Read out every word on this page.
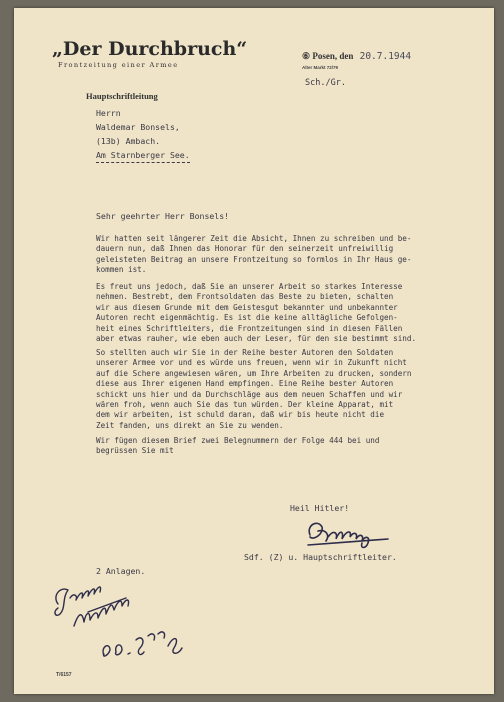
„Der Durchbruch“
Frontzeitung einer Armee
Hauptschriftleitung
⑥ Posen, den 20.7.1944
Alter Markt 72/79
Sch./Gr.
Herrn
Waldemar Bonsels,
(13b) Ambach.
Am Starnberger See.
Sehr geehrter Herr Bonsels!
Wir hatten seit längerer Zeit die Absicht, Ihnen zu schreiben und be-
dauern nun, daß Ihnen das Honorar für den seinerzeit unfreiwillig
geleisteten Beitrag an unsere Frontzeitung so formlos in Ihr Haus ge-
kommen ist.
Es freut uns jedoch, daß Sie an unserer Arbeit so starkes Interesse
nehmen. Bestrebt, dem Frontsoldaten das Beste zu bieten, schalten
wir aus diesem Grunde mit dem Geistesgut bekannter und unbekannter
Autoren recht eigenmächtig. Es ist die keine alltägliche Gefolgen-
heit eines Schriftleiters, die Frontzeitungen sind in diesen Fällen
aber etwas rauher, wie eben auch der Leser, für den sie bestimmt sind.
So stellten auch wir Sie in der Reihe bester Autoren den Soldaten
unserer Armee vor und es würde uns freuen, wenn wir in Zukunft nicht
auf die Schere angewiesen wären, um Ihre Arbeiten zu drucken, sondern
diese aus Ihrer eigenen Hand empfingen. Eine Reihe bester Autoren
schickt uns hier und da Durchschläge aus dem neuen Schaffen und wir
wären froh, wenn auch Sie das tun würden. Der kleine Apparat, mit
dem wir arbeiten, ist schuld daran, daß wir bis heute nicht die
Zeit fanden, uns direkt an Sie zu wenden.
Wir fügen diesem Brief zwei Belegnummern der Folge 444 bei und
begrüssen Sie mit
Heil Hitler!
Sdf. (Z) u. Hauptschriftleiter.
2 Anlagen.
T/6157
